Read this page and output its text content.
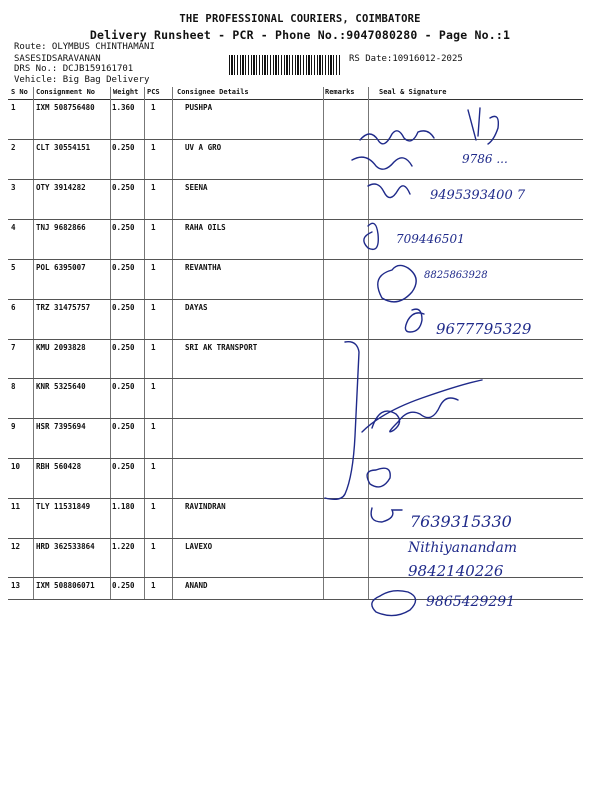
THE PROFESSIONAL COURIERS, COIMBATORE
Delivery Runsheet - PCR - Phone No.:9047080280 - Page No.:1
Route: OLYMBUS CHINTHAMANI
SASESIDSARAVANAN
DRS No.: DCJB159161701
Vehicle: Big Bag Delivery
RS Date:10916012-2025
S No Consignment No	Weight PCS Consignee Details	Remarks	Seal & Signature
1	IXM 508756480 1.360 1	PUSHPA
2	CLT 30554151	0.250 1	UV A GRO
3	OTY 3914282	0.250 1	SEENA
4	TNJ 9682866	0.250 1	RAHA OILS
5	POL 6395007	0.250 1	REVANTHA
6	TRZ 31475757	0.250 1	DAYAS
7	KMU 2093828	0.250 1	SRI AK TRANSPORT
8	KNR 5325640	0.250 1
9	HSR 7395694	0.250 1
10 RBH 560428	0.250 1
11 TLY 11531849	1.180 1	RAVINDRAN
12 HRD 362533864 1.220 1	LAVEXO
13 IXM 508806071 0.250 1	ANAND
9786 ...
9495393400 7
709446501
8825863928
9677795329
7639315330
Nithiyanandam
9842140226
9865429291
